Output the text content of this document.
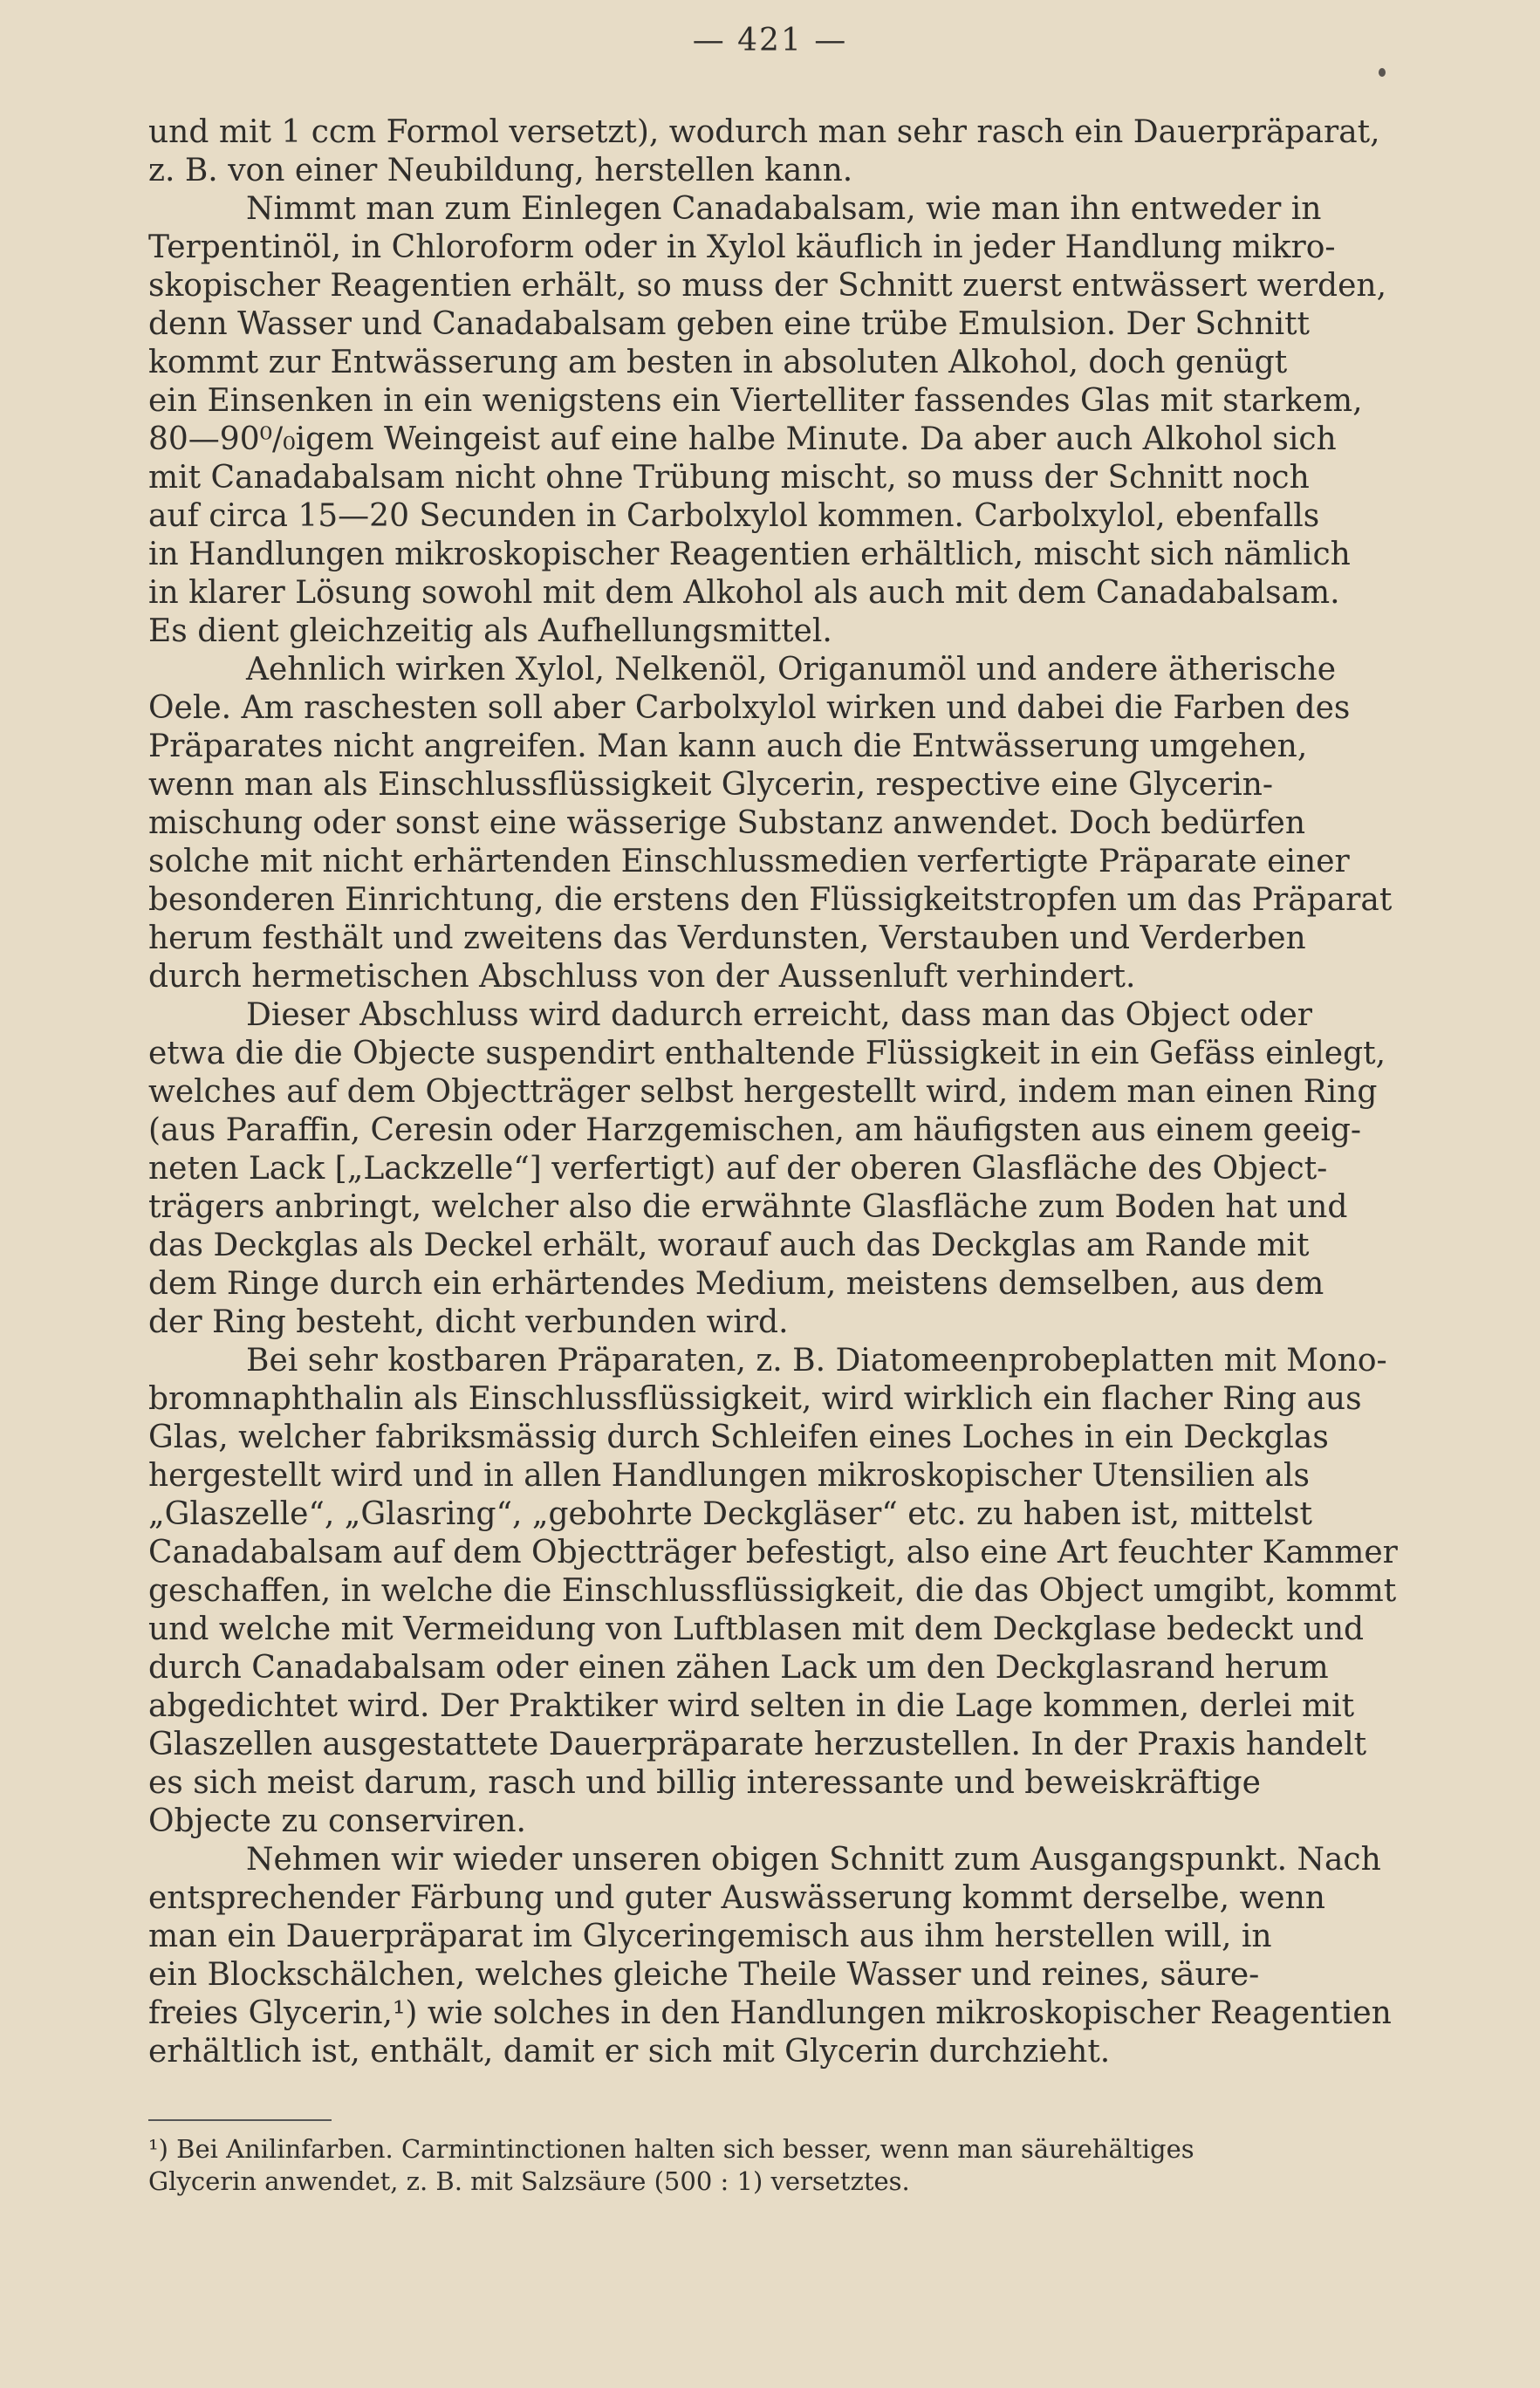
— 421 —

und mit 1 ccm Formol versetzt), wodurch man sehr rasch ein Dauerpräparat,
z. B. von einer Neubildung, herstellen kann.

Nimmt man zum Einlegen Canadabalsam, wie man ihn entweder in
Terpentinöl, in Chloroform oder in Xylol käuflich in jeder Handlung mikro-
skopischer Reagentien erhält, so muss der Schnitt zuerst entwässert werden,
denn Wasser und Canadabalsam geben eine trübe Emulsion. Der Schnitt
kommt zur Entwässerung am besten in absoluten Alkohol, doch genügt
ein Einsenken in ein wenigstens ein Viertelliter fassendes Glas mit starkem,
80—90⁰/₀igem Weingeist auf eine halbe Minute. Da aber auch Alkohol sich
mit Canadabalsam nicht ohne Trübung mischt, so muss der Schnitt noch
auf circa 15—20 Secunden in Carbolxylol kommen. Carbolxylol, ebenfalls
in Handlungen mikroskopischer Reagentien erhältlich, mischt sich nämlich
in klarer Lösung sowohl mit dem Alkohol als auch mit dem Canadabalsam.
Es dient gleichzeitig als Aufhellungsmittel.

Aehnlich wirken Xylol, Nelkenöl, Origanumöl und andere ätherische
Oele. Am raschesten soll aber Carbolxylol wirken und dabei die Farben des
Präparates nicht angreifen. Man kann auch die Entwässerung umgehen,
wenn man als Einschlussflüssigkeit Glycerin, respective eine Glycerin-
mischung oder sonst eine wässerige Substanz anwendet. Doch bedürfen
solche mit nicht erhärtenden Einschlussmedien verfertigte Präparate einer
besonderen Einrichtung, die erstens den Flüssigkeitstropfen um das Präparat
herum festhält und zweitens das Verdunsten, Verstauben und Verderben
durch hermetischen Abschluss von der Aussenluft verhindert.

Dieser Abschluss wird dadurch erreicht, dass man das Object oder
etwa die die Objecte suspendirt enthaltende Flüssigkeit in ein Gefäss einlegt,
welches auf dem Objectträger selbst hergestellt wird, indem man einen Ring
(aus Paraffin, Ceresin oder Harzgemischen, am häufigsten aus einem geeig-
neten Lack [„Lackzelle“] verfertigt) auf der oberen Glasfläche des Object-
trägers anbringt, welcher also die erwähnte Glasfläche zum Boden hat und
das Deckglas als Deckel erhält, worauf auch das Deckglas am Rande mit
dem Ringe durch ein erhärtendes Medium, meistens demselben, aus dem
der Ring besteht, dicht verbunden wird.

Bei sehr kostbaren Präparaten, z. B. Diatomeenprobeplatten mit Mono-
bromnaphthalin als Einschlussflüssigkeit, wird wirklich ein flacher Ring aus
Glas, welcher fabriksmässig durch Schleifen eines Loches in ein Deckglas
hergestellt wird und in allen Handlungen mikroskopischer Utensilien als
„Glaszelle“, „Glasring“, „gebohrte Deckgläser“ etc. zu haben ist, mittelst
Canadabalsam auf dem Objectträger befestigt, also eine Art feuchter Kammer
geschaffen, in welche die Einschlussflüssigkeit, die das Object umgibt, kommt
und welche mit Vermeidung von Luftblasen mit dem Deckglase bedeckt und
durch Canadabalsam oder einen zähen Lack um den Deckglasrand herum
abgedichtet wird. Der Praktiker wird selten in die Lage kommen, derlei mit
Glaszellen ausgestattete Dauerpräparate herzustellen. In der Praxis handelt
es sich meist darum, rasch und billig interessante und beweiskräftige
Objecte zu conserviren.

Nehmen wir wieder unseren obigen Schnitt zum Ausgangspunkt. Nach
entsprechender Färbung und guter Auswässerung kommt derselbe, wenn
man ein Dauerpräparat im Glyceringemisch aus ihm herstellen will, in
ein Blockschälchen, welches gleiche Theile Wasser und reines, säure-
freies Glycerin,¹) wie solches in den Handlungen mikroskopischer Reagentien
erhältlich ist, enthält, damit er sich mit Glycerin durchzieht.

¹) Bei Anilinfarben. Carmintinctionen halten sich besser, wenn man säurehältiges
Glycerin anwendet, z. B. mit Salzsäure (500 : 1) versetztes.
